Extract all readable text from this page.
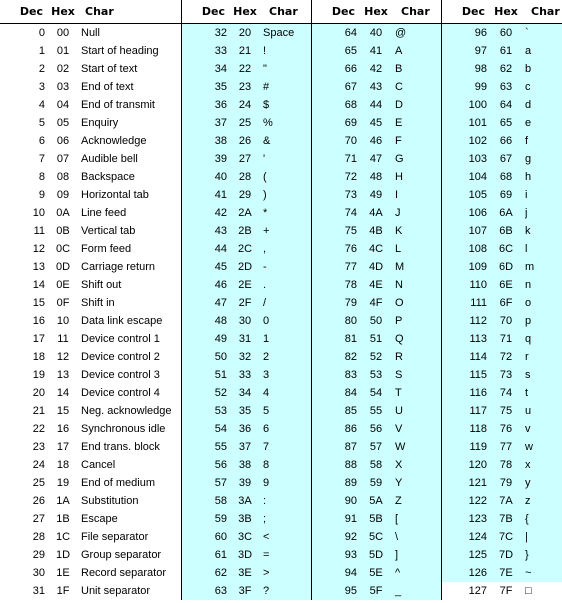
Dec	Hex	Char	Dec	Hex	Char	Dec	Hex	Char	Dec	Hex	Char
0	00	Null	32	20	Space	64	40	@	96	60	`
1	01	Start of heading	33	21	!	65	41	A	97	61	a
2	02	Start of text	34	22	"	66	42	B	98	62	b
3	03	End of text	35	23	#	67	43	C	99	63	c
4	04	End of transmit	36	24	$	68	44	D	100	64	d
5	05	Enquiry	37	25	%	69	45	E	101	65	e
6	06	Acknowledge	38	26	&	70	46	F	102	66	f
7	07	Audible bell	39	27	'	71	47	G	103	67	g
8	08	Backspace	40	28	(	72	48	H	104	68	h
9	09	Horizontal tab	41	29	)	73	49	I	105	69	i
10	0A	Line feed	42	2A	*	74	4A	J	106	6A	j
11	0B	Vertical tab	43	2B	+	75	4B	K	107	6B	k
12	0C	Form feed	44	2C	,	76	4C	L	108	6C	l
13	0D	Carriage return	45	2D	-	77	4D	M	109	6D	m
14	0E	Shift out	46	2E	.	78	4E	N	110	6E	n
15	0F	Shift in	47	2F	/	79	4F	O	111	6F	o
16	10	Data link escape	48	30	0	80	50	P	112	70	p
17	11	Device control 1	49	31	1	81	51	Q	113	71	q
18	12	Device control 2	50	32	2	82	52	R	114	72	r
19	13	Device control 3	51	33	3	83	53	S	115	73	s
20	14	Device control 4	52	34	4	84	54	T	116	74	t
21	15	Neg. acknowledge	53	35	5	85	55	U	117	75	u
22	16	Synchronous idle	54	36	6	86	56	V	118	76	v
23	17	End trans. block	55	37	7	87	57	W	119	77	w
24	18	Cancel	56	38	8	88	58	X	120	78	x
25	19	End of medium	57	39	9	89	59	Y	121	79	y
26	1A	Substitution	58	3A	:	90	5A	Z	122	7A	z
27	1B	Escape	59	3B	;	91	5B	[	123	7B	{
28	1C	File separator	60	3C	<	92	5C	\	124	7C	|
29	1D	Group separator	61	3D	=	93	5D	]	125	7D	}
30	1E	Record separator	62	3E	>	94	5E	^	126	7E	~
31	1F	Unit separator	63	3F	?	95	5F	_	127	7F	□
